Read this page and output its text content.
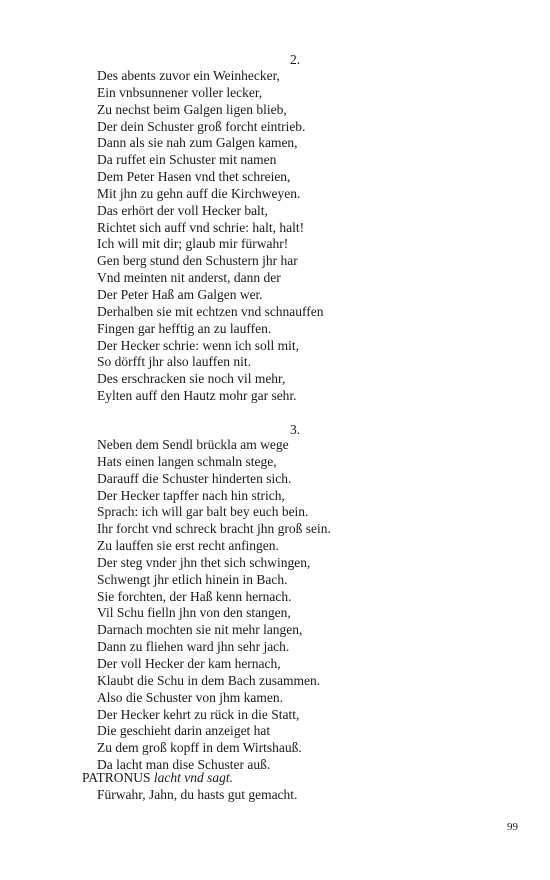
2.
Des abents zuvor ein Weinhecker,
Ein vnbsunnener voller lecker,
Zu nechst beim Galgen ligen blieb,
Der dein Schuster groß forcht eintrieb.
Dann als sie nah zum Galgen kamen,
Da ruffet ein Schuster mit namen
Dem Peter Hasen vnd thet schreien,
Mit jhn zu gehn auff die Kirchweyen.
Das erhört der voll Hecker balt,
Richtet sich auff vnd schrie: halt, halt!
Ich will mit dir; glaub mir fürwahr!
Gen berg stund den Schustern jhr har
Vnd meinten nit anderst, dann der
Der Peter Haß am Galgen wer.
Derhalben sie mit echtzen vnd schnauffen
Fingen gar hefftig an zu lauffen.
Der Hecker schrie: wenn ich soll mit,
So dörfft jhr also lauffen nit.
Des erschracken sie noch vil mehr,
Eylten auff den Hautz mohr gar sehr.
3.
Neben dem Sendl brückla am wege
Hats einen langen schmaln stege,
Darauff die Schuster hinderten sich.
Der Hecker tapffer nach hin strich,
Sprach: ich will gar balt bey euch bein.
Ihr forcht vnd schreck bracht jhn groß sein.
Zu lauffen sie erst recht anfingen.
Der steg vnder jhn thet sich schwingen,
Schwengt jhr etlich hinein in Bach.
Sie forchten, der Haß kenn hernach.
Vil Schu fielln jhn von den stangen,
Darnach mochten sie nit mehr langen,
Dann zu fliehen ward jhn sehr jach.
Der voll Hecker der kam hernach,
Klaubt die Schu in dem Bach zusammen.
Also die Schuster von jhm kamen.
Der Hecker kehrt zu rück in die Statt,
Die geschieht darin anzeiget hat
Zu dem groß kopff in dem Wirtshauß.
Da lacht man dise Schuster auß.
PATRONUS lacht vnd sagt.
Fürwahr, Jahn, du hasts gut gemacht.
99
